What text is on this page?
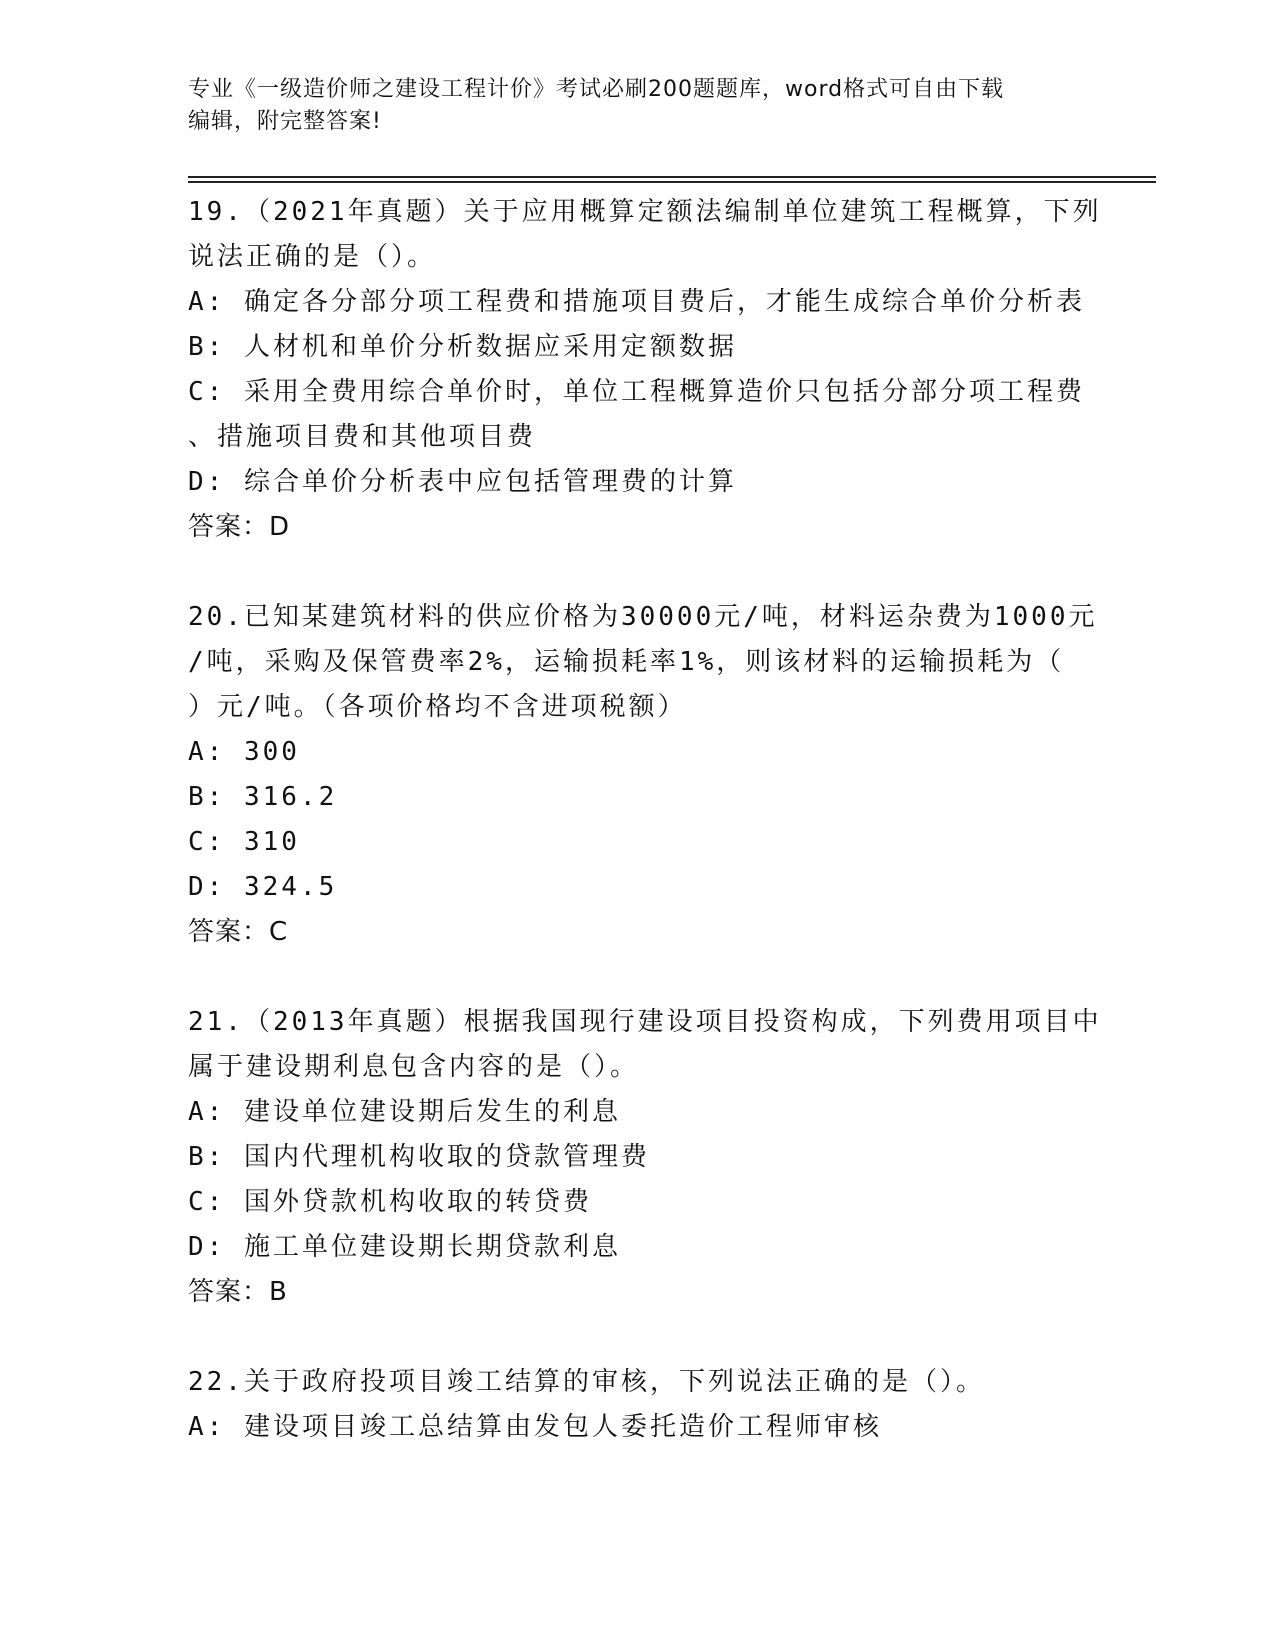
专业《一级造价师之建设工程计价》考试必刷200题题库，word格式可自由下载
编辑，附完整答案!
19.（2021年真题）关于应用概算定额法编制单位建筑工程概算，下列
说法正确的是（）。
A: 确定各分部分项工程费和措施项目费后，才能生成综合单价分析表
B: 人材机和单价分析数据应采用定额数据
C: 采用全费用综合单价时，单位工程概算造价只包括分部分项工程费
、措施项目费和其他项目费
D: 综合单价分析表中应包括管理费的计算
答案：D
20.已知某建筑材料的供应价格为30000元/吨，材料运杂费为1000元
/吨，采购及保管费率2%，运输损耗率1%，则该材料的运输损耗为（
）元/吨。（各项价格均不含进项税额）
A: 300
B: 316.2
C: 310
D: 324.5
答案：C
21.（2013年真题）根据我国现行建设项目投资构成，下列费用项目中
属于建设期利息包含内容的是（）。
A: 建设单位建设期后发生的利息
B: 国内代理机构收取的贷款管理费
C: 国外贷款机构收取的转贷费
D: 施工单位建设期长期贷款利息
答案：B
22.关于政府投项目竣工结算的审核，下列说法正确的是（）。
A: 建设项目竣工总结算由发包人委托造价工程师审核
